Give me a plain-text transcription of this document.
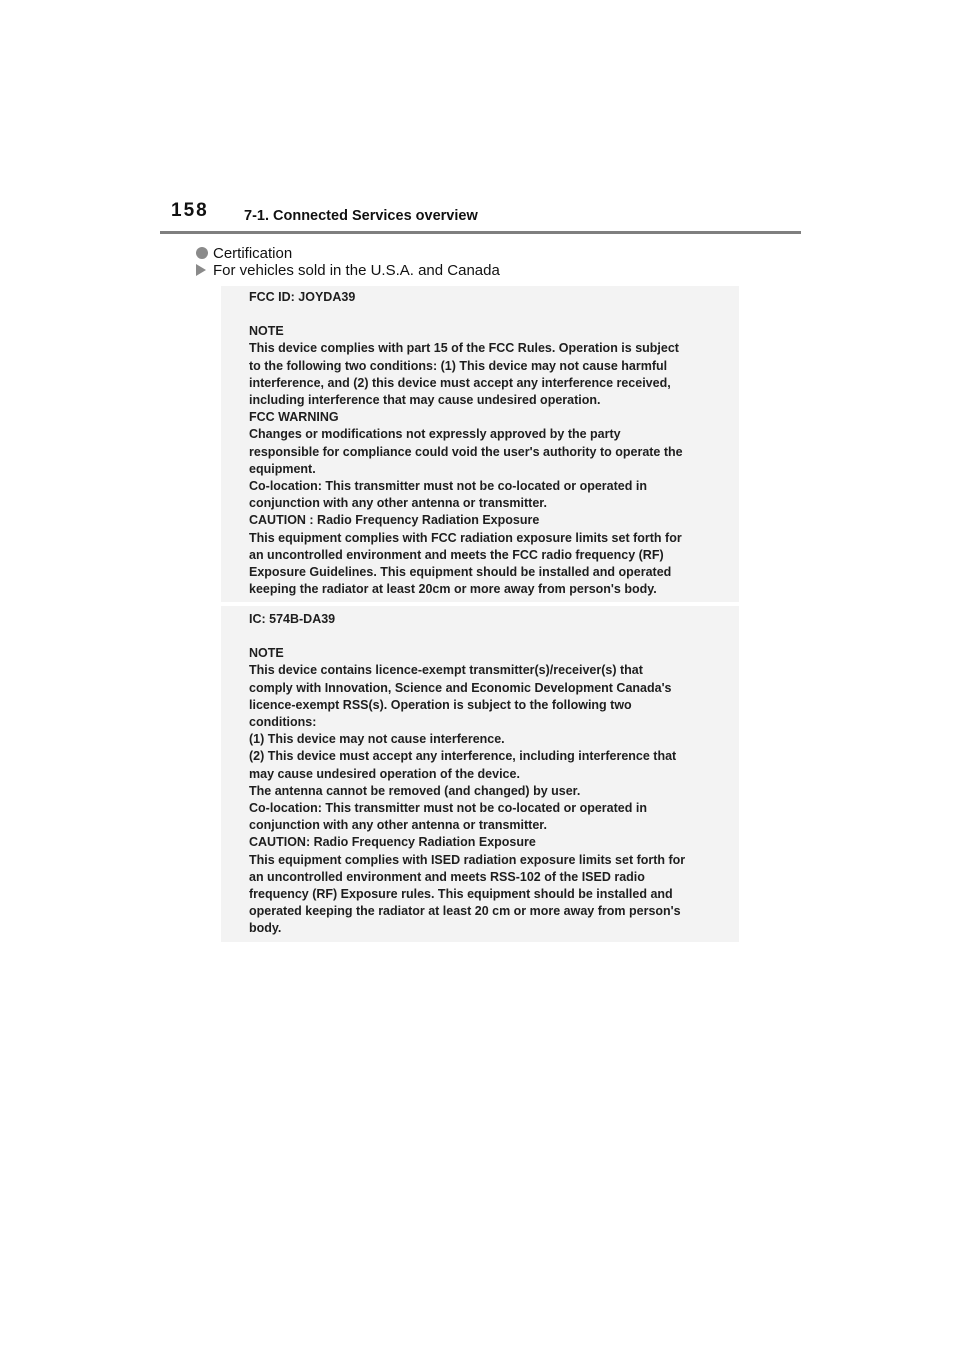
158 7-1. Connected Services overview
Certification
For vehicles sold in the U.S.A. and Canada

FCC ID: JOYDA39

NOTE

This device complies with part 15 of the FCC Rules. Operation is subject

to the following two conditions: (1) This device may not cause harmful

interference, and (2) this device must accept any interference received,

including interference that may cause undesired operation.

FCC WARNING

Changes or modifications not expressly approved by the party

responsible for compliance could void the user's authority to operate the

equipment.

Co-location: This transmitter must not be co-located or operated in

conjunction with any other antenna or transmitter.

CAUTION : Radio Frequency Radiation Exposure

This equipment complies with FCC radiation exposure limits set forth for

an uncontrolled environment and meets the FCC radio frequency (RF)

Exposure Guidelines. This equipment should be installed and operated

keeping the radiator at least 20cm or more away from person's body.

IC: 574B-DA39

NOTE

This device contains licence-exempt transmitter(s)/receiver(s) that

comply with Innovation, Science and Economic Development Canada's

licence-exempt RSS(s). Operation is subject to the following two

conditions:

(1) This device may not cause interference.

(2) This device must accept any interference, including interference that

may cause undesired operation of the device.

The antenna cannot be removed (and changed) by user.

Co-location: This transmitter must not be co-located or operated in

conjunction with any other antenna or transmitter.

CAUTION: Radio Frequency Radiation Exposure

This equipment complies with ISED radiation exposure limits set forth for

an uncontrolled environment and meets RSS-102 of the ISED radio

frequency (RF) Exposure rules. This equipment should be installed and

operated keeping the radiator at least 20 cm or more away from person's

body.
